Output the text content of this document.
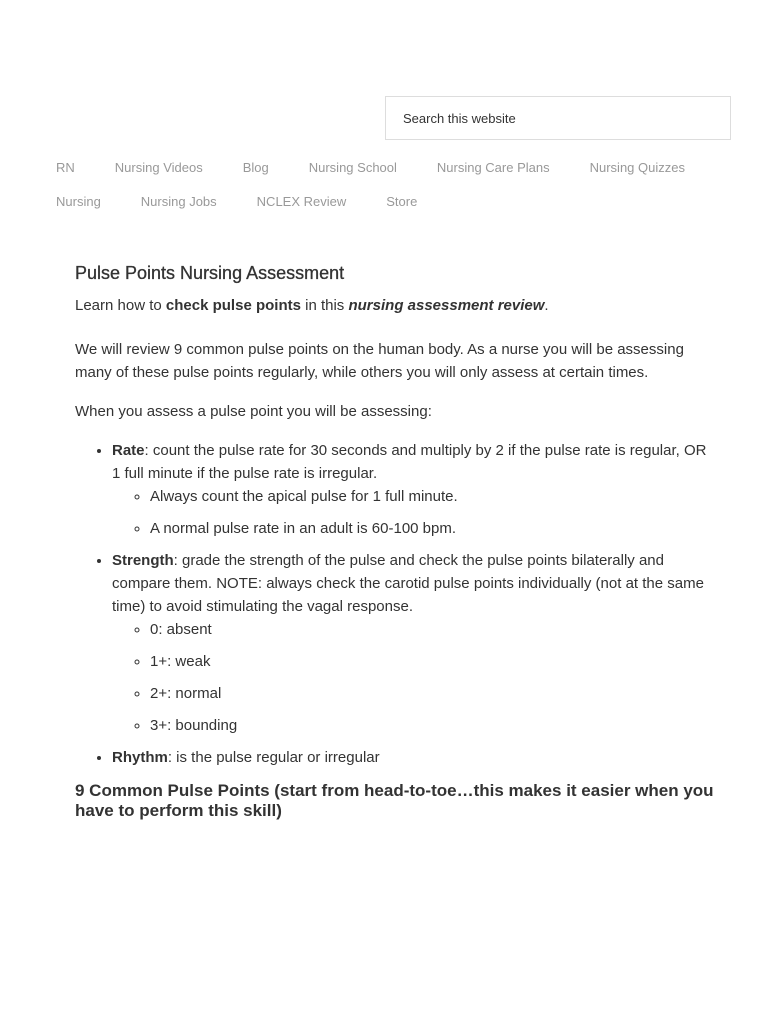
Search this website
RN	Nursing Videos	Blog	Nursing School	Nursing Care Plans	Nursing Quizzes
Nursing	Nursing Jobs	NCLEX Review	Store
Pulse Points Nursing Assessment

Learn how to check pulse points in this nursing assessment review.

We will review 9 common pulse points on the human body. As a nurse you will be assessing many of these pulse points regularly, while others you will only assess at certain times.

When you assess a pulse point you will be assessing:

• Rate: count the pulse rate for 30 seconds and multiply by 2 if the pulse rate is regular, OR 1 full minute if the pulse rate is irregular.
◦ Always count the apical pulse for 1 full minute.
◦ A normal pulse rate in an adult is 60-100 bpm.
• Strength: grade the strength of the pulse and check the pulse points bilaterally and compare them. NOTE: always check the carotid pulse points individually (not at the same time) to avoid stimulating the vagal response.
◦ 0: absent
◦ 1+: weak
◦ 2+: normal
◦ 3+: bounding
• Rhythm: is the pulse regular or irregular
9 Common Pulse Points (start from head-to-toe…this makes it easier when you have to perform this skill)
